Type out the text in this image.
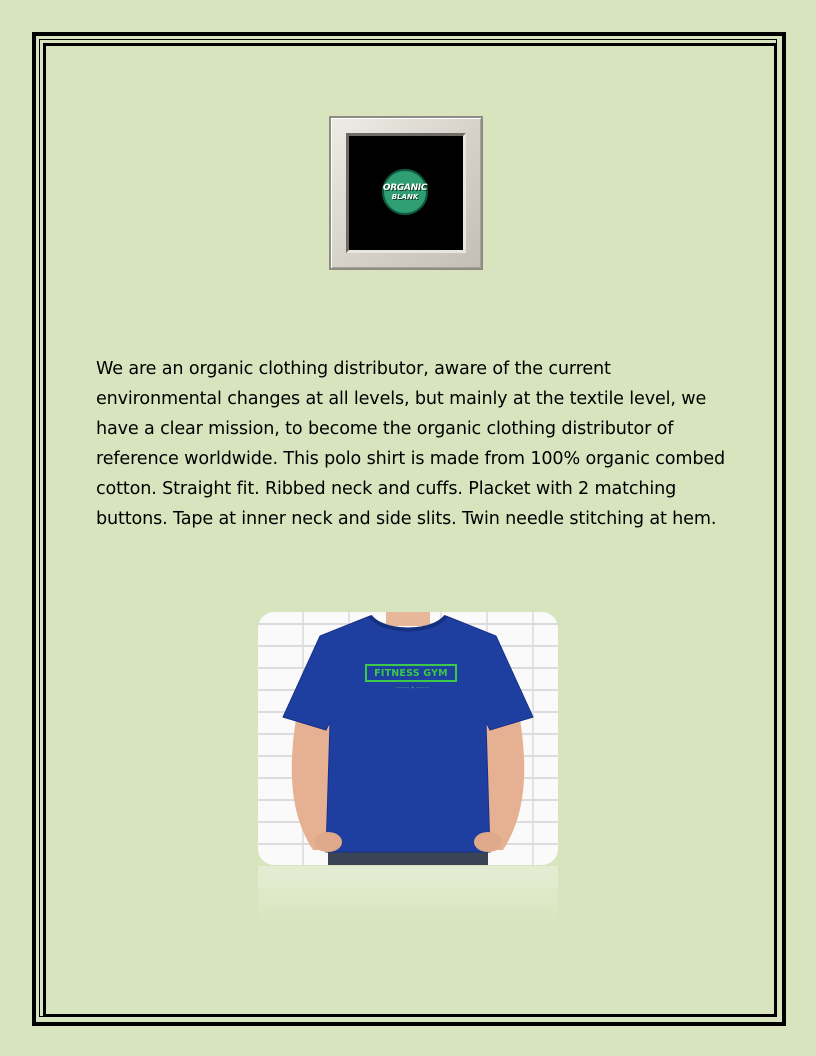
ORGANIC
BLANK

We are an organic clothing distributor, aware of the current environmental changes at all levels, but mainly at the textile level, we have a clear mission, to become the organic clothing distributor of reference worldwide. This polo shirt is made from 100% organic combed cotton. Straight fit. Ribbed neck and cuffs. Placket with 2 matching buttons. Tape at inner neck and side slits. Twin needle stitching at hem.

FITNESS GYM
——— ✦ ———
